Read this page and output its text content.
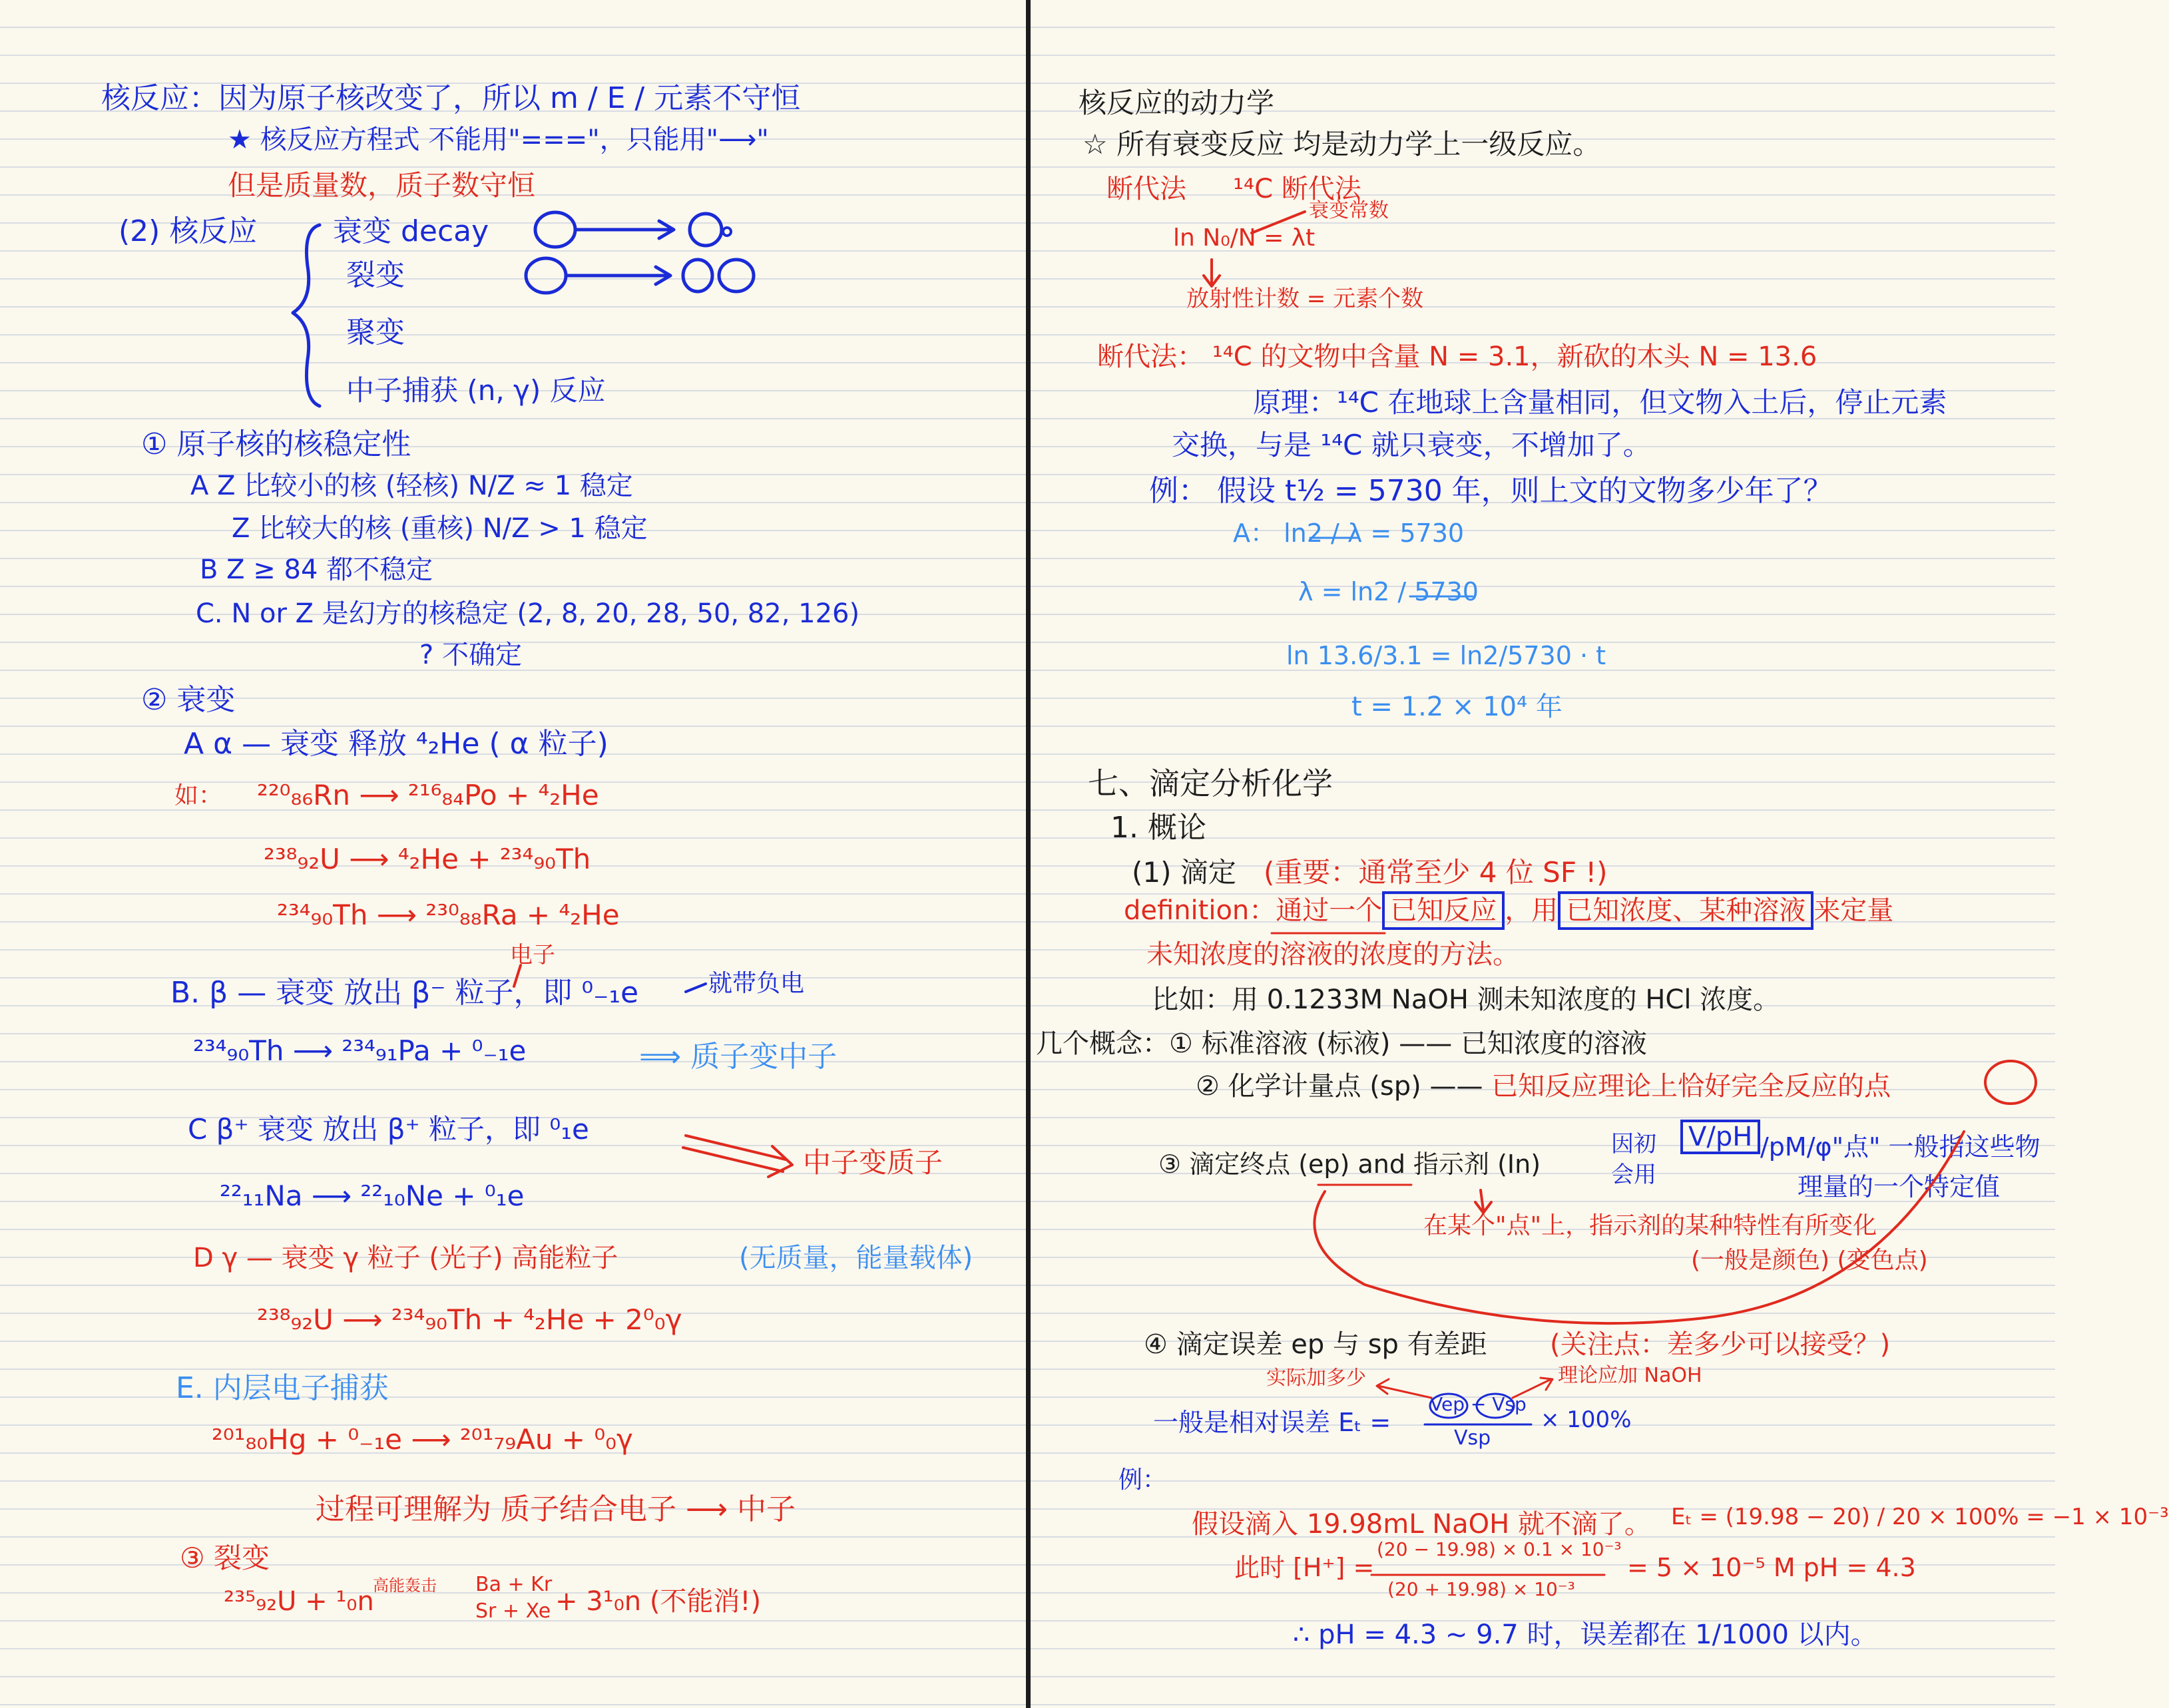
核反应：因为原子核改变了，所以 m / E / 元素不守恒
★ 核反应方程式 不能用"==="，只能用"⟶"
但是质量数，质子数守恒
(2) 核反应	衰变 decay
裂变
聚变
中子捕获 (n, γ) 反应
① 原子核的核稳定性
A Z 比较小的核 (轻核) N/Z ≈ 1 稳定
Z 比较大的核 (重核) N/Z > 1 稳定
B Z ≥ 84 都不稳定
C. N or Z 是幻方的核稳定 (2, 8, 20, 28, 50, 82, 126)
? 不确定
② 衰变
A α — 衰变 释放 ⁴₂He ( α 粒子)
如： ²²⁰₈₆Rn ⟶ ²¹⁶₈₄Po + ⁴₂He
²³⁸₉₂U ⟶ ⁴₂He + ²³⁴₉₀Th
²³⁴₉₀Th ⟶ ²³⁰₈₈Ra + ⁴₂He
B. β — 衰变 放出 β⁻ 粒子，即 ⁰₋₁e
电子
就带负电
²³⁴₉₀Th ⟶ ²³⁴₉₁Pa + ⁰₋₁e	⟹ 质子变中子
C β⁺ 衰变 放出 β⁺ 粒子，即 ⁰₁e
中子变质子
²²₁₁Na ⟶ ²²₁₀Ne + ⁰₁e
D γ — 衰变 γ 粒子 (光子) 高能粒子	(无质量，能量载体)
²³⁸₉₂U ⟶ ²³⁴₉₀Th + ⁴₂He + 2⁰₀γ
E. 内层电子捕获
²⁰¹₈₀Hg + ⁰₋₁e ⟶ ²⁰¹₇₉Au + ⁰₀γ
过程可理解为 质子结合电子 ⟶ 中子
③ 裂变
²³⁵₉₂U + ¹₀n
高能轰击 Ba + Kr
Sr + Xe + 3¹₀n (不能消!)
核反应的动力学
☆ 所有衰变反应 均是动力学上一级反应。
断代法 ¹⁴C 断代法
ln N₀/N = λt
衰变常数
放射性计数 = 元素个数
断代法： ¹⁴C 的文物中含量 N = 3.1，新砍的木头 N = 13.6
原理：¹⁴C 在地球上含量相同，但文物入土后，停止元素
交换，与是 ¹⁴C 就只衰变，不增加了。
例： 假设 t½ = 5730 年，则上文的文物多少年了？
A： ln2 / λ = 5730
λ = ln2 / 5730
ln 13.6/3.1 = ln2/5730 · t
t = 1.2 × 10⁴ 年
七、滴定分析化学
1. 概论
(1) 滴定 (重要：通常至少 4 位 SF !)
definition：通过一个 已知反应 ，用 已知浓度、某种溶液 来定量
未知浓度的溶液的浓度的方法。
比如：用 0.1233M NaOH 测未知浓度的 HCl 浓度。
几个概念：① 标准溶液 (标液) —— 已知浓度的溶液
② 化学计量点 (sp) —— 已知反应理论上恰好完全反应的点
③ 滴定终点 (ep) and 指示剂 (In)
因初
会用
V/pH /pM/φ"点" 一般指这些物
理量的一个特定值
在某个"点"上，指示剂的某种特性有所变化
(一般是颜色) (变色点)
④ 滴定误差 ep 与 sp 有差距 (关注点：差多少可以接受？)
实际加多少	理论应加 NaOH
一般是相对误差 Eₜ =
Vep − Vsp
Vsp
× 100%
例：
假设滴入 19.98mL NaOH 就不滴了。 Eₜ = (19.98 − 20) / 20 × 100% = −1 × 10⁻³
此时 [H⁺] =
(20 − 19.98) × 0.1 × 10⁻³
(20 + 19.98) × 10⁻³
= 5 × 10⁻⁵ M pH = 4.3
∴ pH = 4.3 ~ 9.7 时，误差都在 1/1000 以内。
